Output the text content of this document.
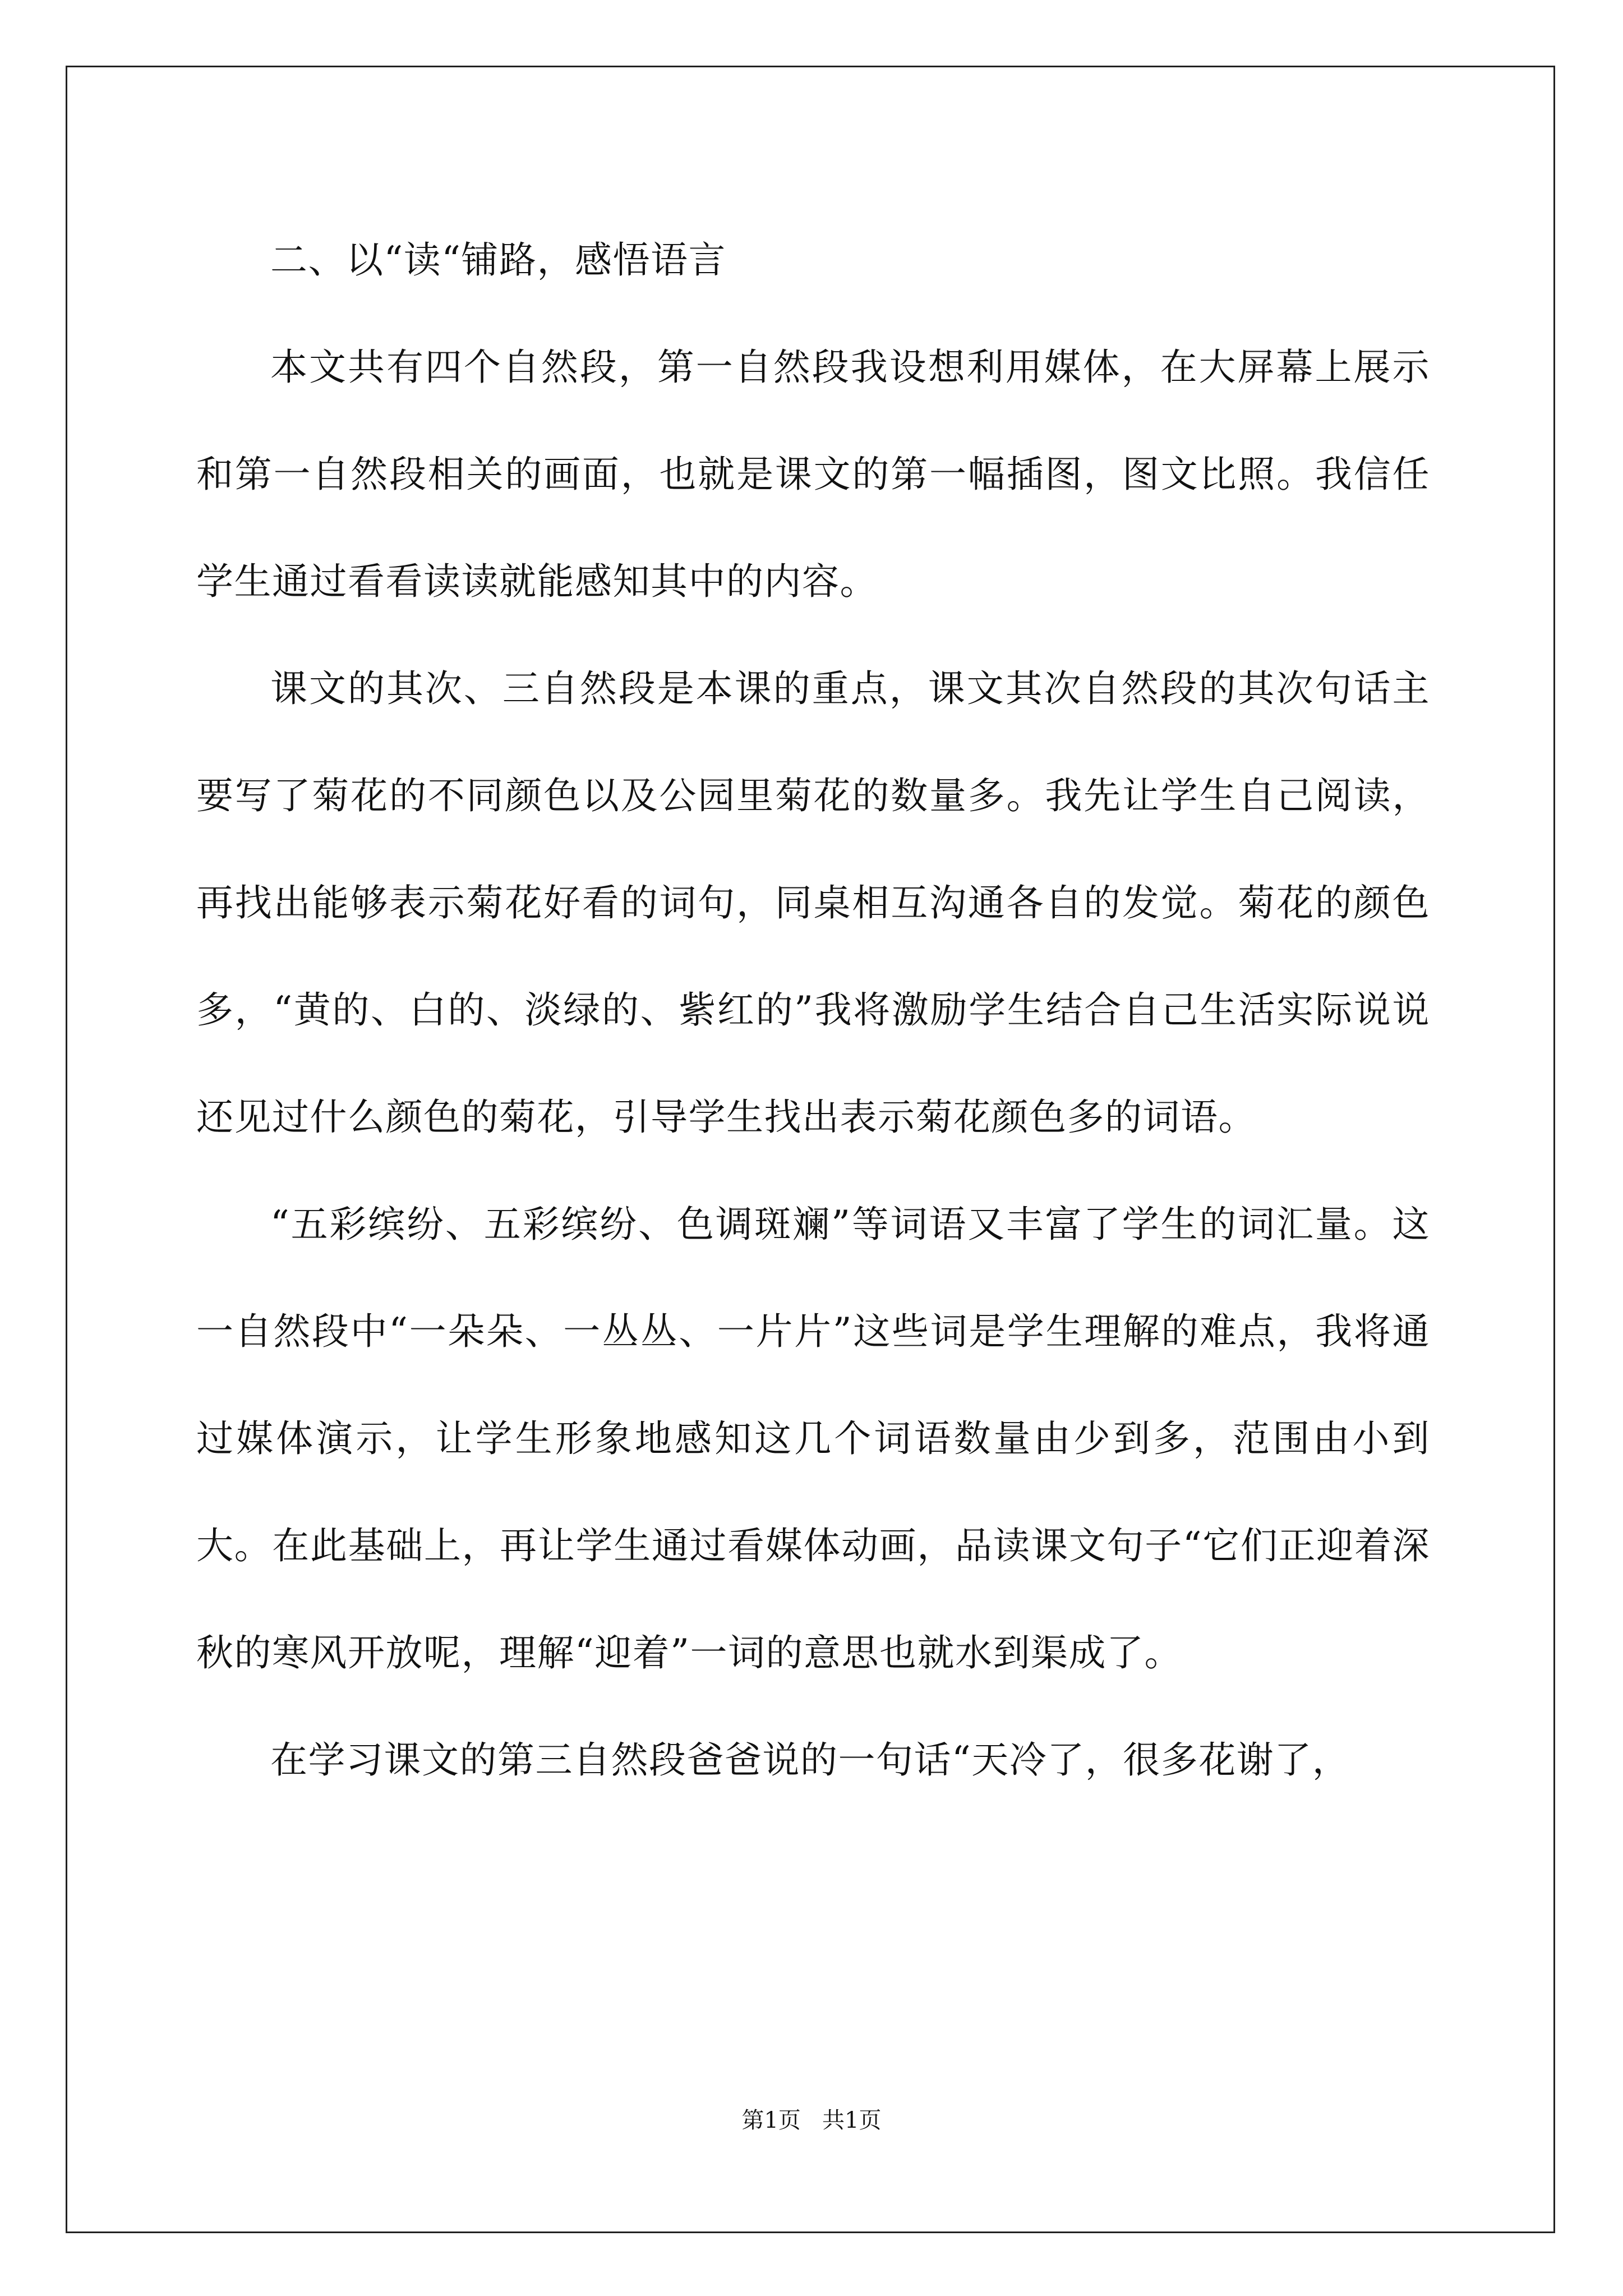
二、以“读“铺路，感悟语言

本文共有四个自然段，第一自然段我设想利用媒体，在大屏幕上展示和第一自然段相关的画面，也就是课文的第一幅插图，图文比照。我信任学生通过看看读读就能感知其中的内容。

课文的其次、三自然段是本课的重点，课文其次自然段的其次句话主要写了菊花的不同颜色以及公园里菊花的数量多。我先让学生自己阅读，再找出能够表示菊花好看的词句，同桌相互沟通各自的发觉。菊花的颜色多，“黄的、白的、淡绿的、紫红的”我将激励学生结合自己生活实际说说还见过什么颜色的菊花，引导学生找出表示菊花颜色多的词语。

“五彩缤纷、五彩缤纷、色调斑斓”等词语又丰富了学生的词汇量。这一自然段中“一朵朵、一丛丛、一片片”这些词是学生理解的难点，我将通过媒体演示，让学生形象地感知这几个词语数量由少到多，范围由小到大。在此基础上，再让学生通过看媒体动画，品读课文句子“它们正迎着深秋的寒风开放呢，理解“迎着”一词的意思也就水到渠成了。

在学习课文的第三自然段爸爸说的一句话“天冷了，很多花谢了，

第1页   共1页
